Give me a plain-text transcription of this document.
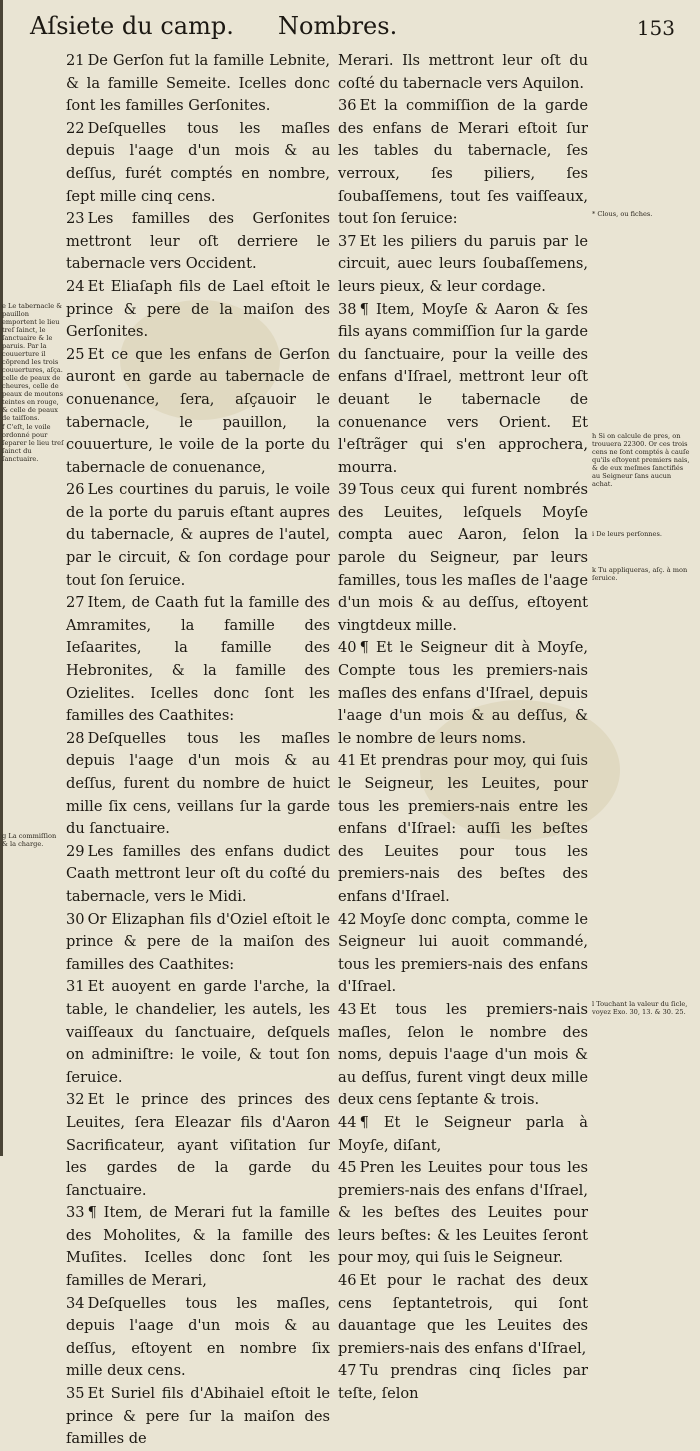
Aſsiete du camp. Nombres.	153

21 De Gerſon fut la famille Lebnite, & la famille Semeite. Icelles donc ſont les familles Gerſonites.

22 Deſquelles tous les maſles depuis l'aage d'un mois & au deſſus, furét comptés en nombre, ſept mille cinq cens.

23 Les familles des Gerſonites mettront leur oſt derriere le tabernacle vers Occident.

24 Et Eliaſaph fils de Lael eſtoit le prince & pere de la maiſon des Gerſonites.

25 Et ce que les enfans de Gerſon auront en garde au tabernacle de conuenance, ſera, aſçauoir le tabernacle, le pauillon, la couuerture, le voile de la porte du tabernacle de conuenance,

26 Les courtines du paruis, le voile de la porte du paruis eſtant aupres du tabernacle, & aupres de l'autel, par le circuit, & ſon cordage pour tout ſon ſeruice.

27 Item, de Caath fut la famille des Amramites, la famille des Ieſaarites, la famille des Hebronites, & la famille des Ozielites. Icelles donc ſont les familles des Caathites:

28 Deſquelles tous les maſles depuis l'aage d'un mois & au deſſus, furent du nombre de huict mille ſix cens, veillans ſur la garde du ſanctuaire.

29 Les familles des enfans dudict Caath mettront leur oſt du coſté du tabernacle, vers le Midi.

30 Or Elizaphan fils d'Oziel eſtoit le prince & pere de la maiſon des familles des Caathites:

31 Et auoyent en garde l'arche, la table, le chandelier, les autels, les vaiſſeaux du ſanctuaire, deſquels on adminiſtre: le voile, & tout ſon ſeruice.

32 Et le prince des princes des Leuites, ſera Eleazar fils d'Aaron Sacrificateur, ayant viſitation ſur les gardes de la garde du ſanctuaire.

33 ¶ Item, de Merari fut la famille des Moholites, & la famille des Muſites. Icelles donc ſont les familles de Merari,

34 Deſquelles tous les maſles, depuis l'aage d'un mois & au deſſus, eſtoyent en nombre ſix mille deux cens.

35 Et Suriel fils d'Abihaiel eſtoit le prince & pere ſur la maiſon des familles de

Merari. Ils mettront leur oſt du coſté du tabernacle vers Aquilon.

36 Et la commiſſion de la garde des enfans de Merari eſtoit ſur les tables du tabernacle, ſes verroux, ſes piliers, ſes ſoubaſſemens, tout ſes vaiſſeaux, tout ſon ſeruice:

37 Et les piliers du paruis par le circuit, auec leurs ſoubaſſemens, leurs pieux, & leur cordage.

38 ¶ Item, Moyſe & Aaron & ſes fils ayans commiſſion ſur la garde du ſanctuaire, pour la veille des enfans d'Iſrael, mettront leur oſt deuant le tabernacle de conuenance vers Orient. Et l'eſtrãger qui s'en approchera, mourra.

39 Tous ceux qui furent nombrés des Leuites, leſquels Moyſe compta auec Aaron, ſelon la parole du Seigneur, par leurs familles, tous les maſles de l'aage d'un mois & au deſſus, eſtoyent vingtdeux mille.

40 ¶ Et le Seigneur dit à Moyſe, Compte tous les premiers-nais maſles des enfans d'Iſrael, depuis l'aage d'un mois & au deſſus, & le nombre de leurs noms.

41 Et prendras pour moy, qui ſuis le Seigneur, les Leuites, pour tous les premiers-nais entre les enfans d'Iſrael: auſſi les beſtes des Leuites pour tous les premiers-nais des beſtes des enfans d'Iſrael.

42 Moyſe donc compta, comme le Seigneur lui auoit commandé, tous les premiers-nais des enfans d'Iſrael.

43 Et tous les premiers-nais maſles, ſelon le nombre des noms, depuis l'aage d'un mois & au deſſus, furent vingt deux mille deux cens ſeptante & trois.

44 ¶ Et le Seigneur parla à Moyſe, diſant,

45 Pren les Leuites pour tous les premiers-nais des enfans d'Iſrael, & les beſtes des Leuites pour leurs beſtes: & les Leuites ſeront pour moy, qui ſuis le Seigneur.

46 Et pour le rachat des deux cens ſeptantetrois, qui ſont dauantage que les Leuites des premiers-nais des enfans d'Iſrael,

47 Tu prendras cinq ſicles par teſte, ſelon

e Le tabernacle & pauillon emportent le lieu treſ ſainct, le ſanctuaire & le paruis. Par la couuerture il cõprend les trois couuertures, aſça. celle de peaux de cheures, celle de peaux de moutons teintes en rouge, & celle de peaux de taiſſons.
f C'eſt, le voile ordonné pour ſeparer le lieu treſ ſainct du ſanctuaire.
g La commiſſion & la charge.
* Clous, ou fiches.
h Si on calcule de pres, on trouuera 22300. Or ces trois cens ne ſont comptés à cauſe qu'ils eſtoyent premiers nais, & de eux meſmes ſanctifiés au Seigneur ſans aucun achat.
i De leurs perſonnes.
k Tu appliqueras, aſç. à mon ſeruice.
l Touchant la valeur du ſicle, voyez Exo. 30, 13. & 30. 25.
